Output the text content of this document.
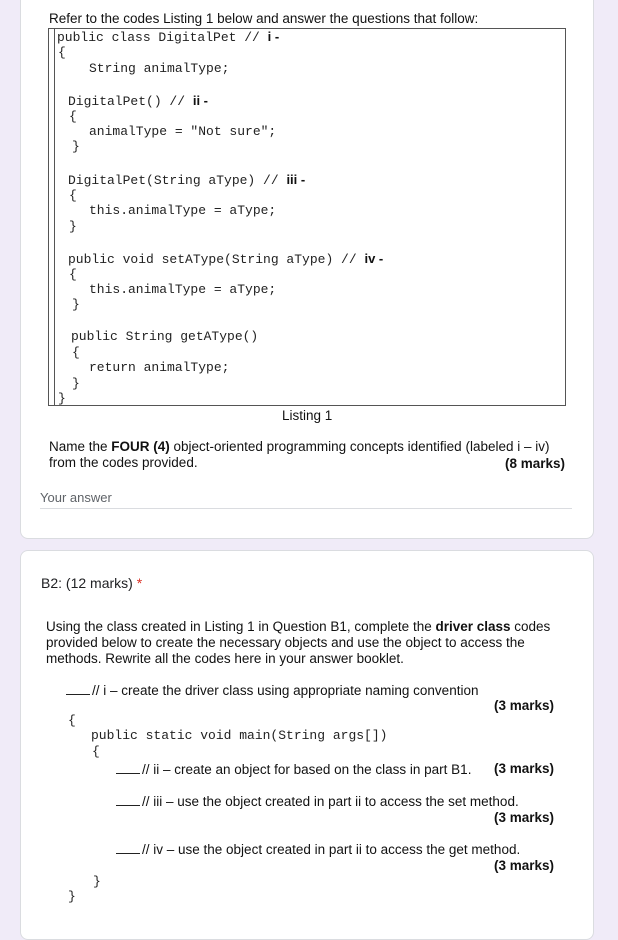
Refer to the codes Listing 1 below and answer the questions that follow:
public class DigitalPet // i -
{
String animalType;
DigitalPet() // ii -
{
animalType = "Not sure";
}
DigitalPet(String aType) // iii -
{
this.animalType = aType;
}
public void setAType(String aType) // iv -
{
this.animalType = aType;
}
public String getAType()
{
return animalType;
}
}
Listing 1
Name the FOUR (4) object-oriented programming concepts identified (labeled i – iv)
from the codes provided.	(8 marks)
Your answer
B2: (12 marks) *
Using the class created in Listing 1 in Question B1, complete the driver class codes
provided below to create the necessary objects and use the object to access the
methods. Rewrite all the codes here in your answer booklet.
// i – create the driver class using appropriate naming convention
(3 marks)
{
public static void main(String args[])
{
// ii – create an object for based on the class in part B1. (3 marks)
// iii – use the object created in part ii to access the set method.
(3 marks)
// iv – use the object created in part ii to access the get method.
(3 marks)
}
}
